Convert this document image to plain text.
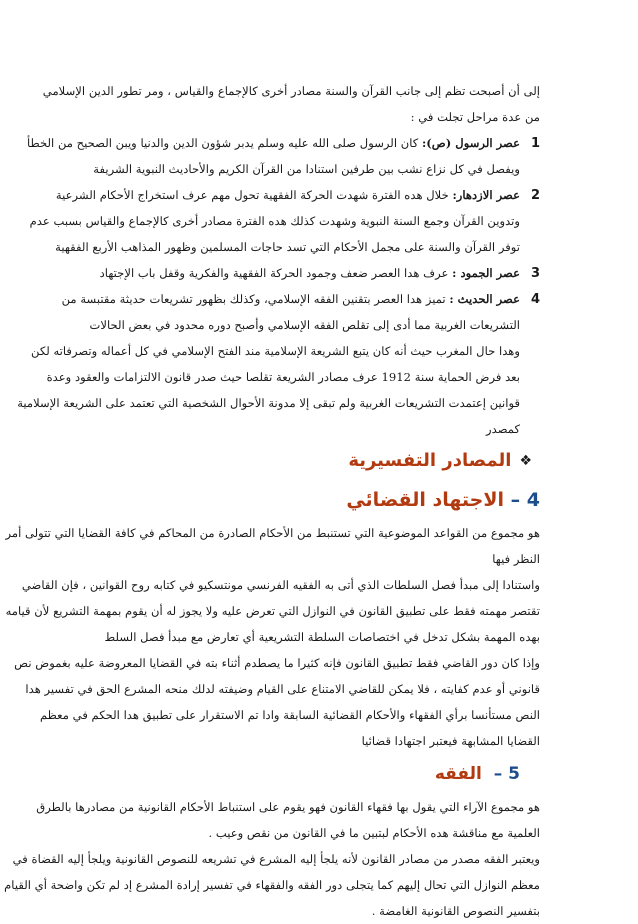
إلى أن أصبحت تظم إلى جانب القرآن والسنة مصادر أخرى كالإجماع والقياس ، ومر تطور الدين الإسلامي
من عدة مراحل تجلت في :
1
عصر الرسول (ص): كان الرسول صلى الله عليه وسلم يدبر شؤون الدين والدنيا ويبن الصحيح من الخطأ
ويفصل في كل نزاع نشب بين طرفين استنادا من القرآن الكريم والأحاديث النبوية الشريفة
2
عصر الازدهار: خلال هده الفترة شهدت الحركة الفقهية تحول مهم عرف استخراج الأحكام الشرعية
وتدوين القرآن وجمع السنة النبوية وشهدت كذلك هده الفترة مصادر أخرى كالإجماع والقياس بسبب عدم
توفر القرآن والسنة على مجمل الأحكام التي تسد حاجات المسلمين وظهور المذاهب الأربع الفقهية
3
عصر الجمود : عرف هدا العصر ضعف وجمود الحركة الفقهية والفكرية وقفل باب الإجتهاد
4
عصر الحديث : تميز هدا العصر بتقنين الفقه الإسلامي، وكذلك بظهور تشريعات حديثة مقتبسة من
التشريعات الغربية مما أدى إلى تقلص الفقه الإسلامي وأصبح دوره محدود في بعض الحالات
وهدا حال المغرب حيث أنه كان يتبع الشريعة الإسلامية مند الفتح الإسلامي في كل أعماله وتصرفاته لكن
بعد فرض الحماية سنة 1912 عرف مصادر الشريعة تقلصا حيث صدر قانون الالتزامات والعقود وعدة
قوانين إعتمدت التشريعات الغربية ولم تبقى إلا مدونة الأحوال الشخصية التي تعتمد على الشريعة الإسلامية
كمصدر
❖
المصادر التفسيرية
4 – الاجتهاد القضائي
هو مجموع من القواعد الموضوعية التي تستنبط من الأحكام الصادرة من المحاكم في كافة القضايا التي تتولى أمر
النظر فيها
واستنادا إلى مبدأ فصل السلطات الذي أتى به الفقيه الفرنسي مونتسكيو في كتابه روح القوانين ، فإن القاضي
تقتصر مهمته فقط على تطبيق القانون في النوازل التي تعرض عليه ولا يجوز له أن يقوم بمهمة التشريع لأن قيامه
بهده المهمة بشكل تدخل في اختصاصات السلطة التشريعية أي تعارض مع مبدأ فصل السلط
وإذا كان دور القاضي فقط تطبيق القانون فإنه كثيرا ما يصطدم أثناء بته في القضايا المعروضة عليه بغموض نص
قانوني أو عدم كفايته ، فلا يمكن للقاضي الامتناع على القيام وضيفته لدلك منحه المشرع الحق في تفسير هدا
النص مستأنسا برأي الفقهاء والأحكام القضائية السابقة وادا تم الاستقرار على تطبيق هدا الحكم في معظم
القضايا المشابهة فيعتبر اجتهادا قضائيا
5 – الفقه
هو مجموع الآراء التي يقول بها فقهاء القانون فهو يقوم على استنباط الأحكام القانونية من مصادرها بالطرق
العلمية مع مناقشة هده الأحكام لبتبين ما في القانون من نقص وعيب .
ويعتبر الفقه مصدر من مصادر القانون لأنه يلجأ إليه المشرع في تشريعه للنصوص القانونية ويلجأ إليه القضاة في
معظم النوازل التي تحال إليهم كما يتجلى دور الفقه والفقهاء في تفسير إرادة المشرع إد لم تكن واضحة أي القيام
بتفسير النصوص القانونية الغامضة .
